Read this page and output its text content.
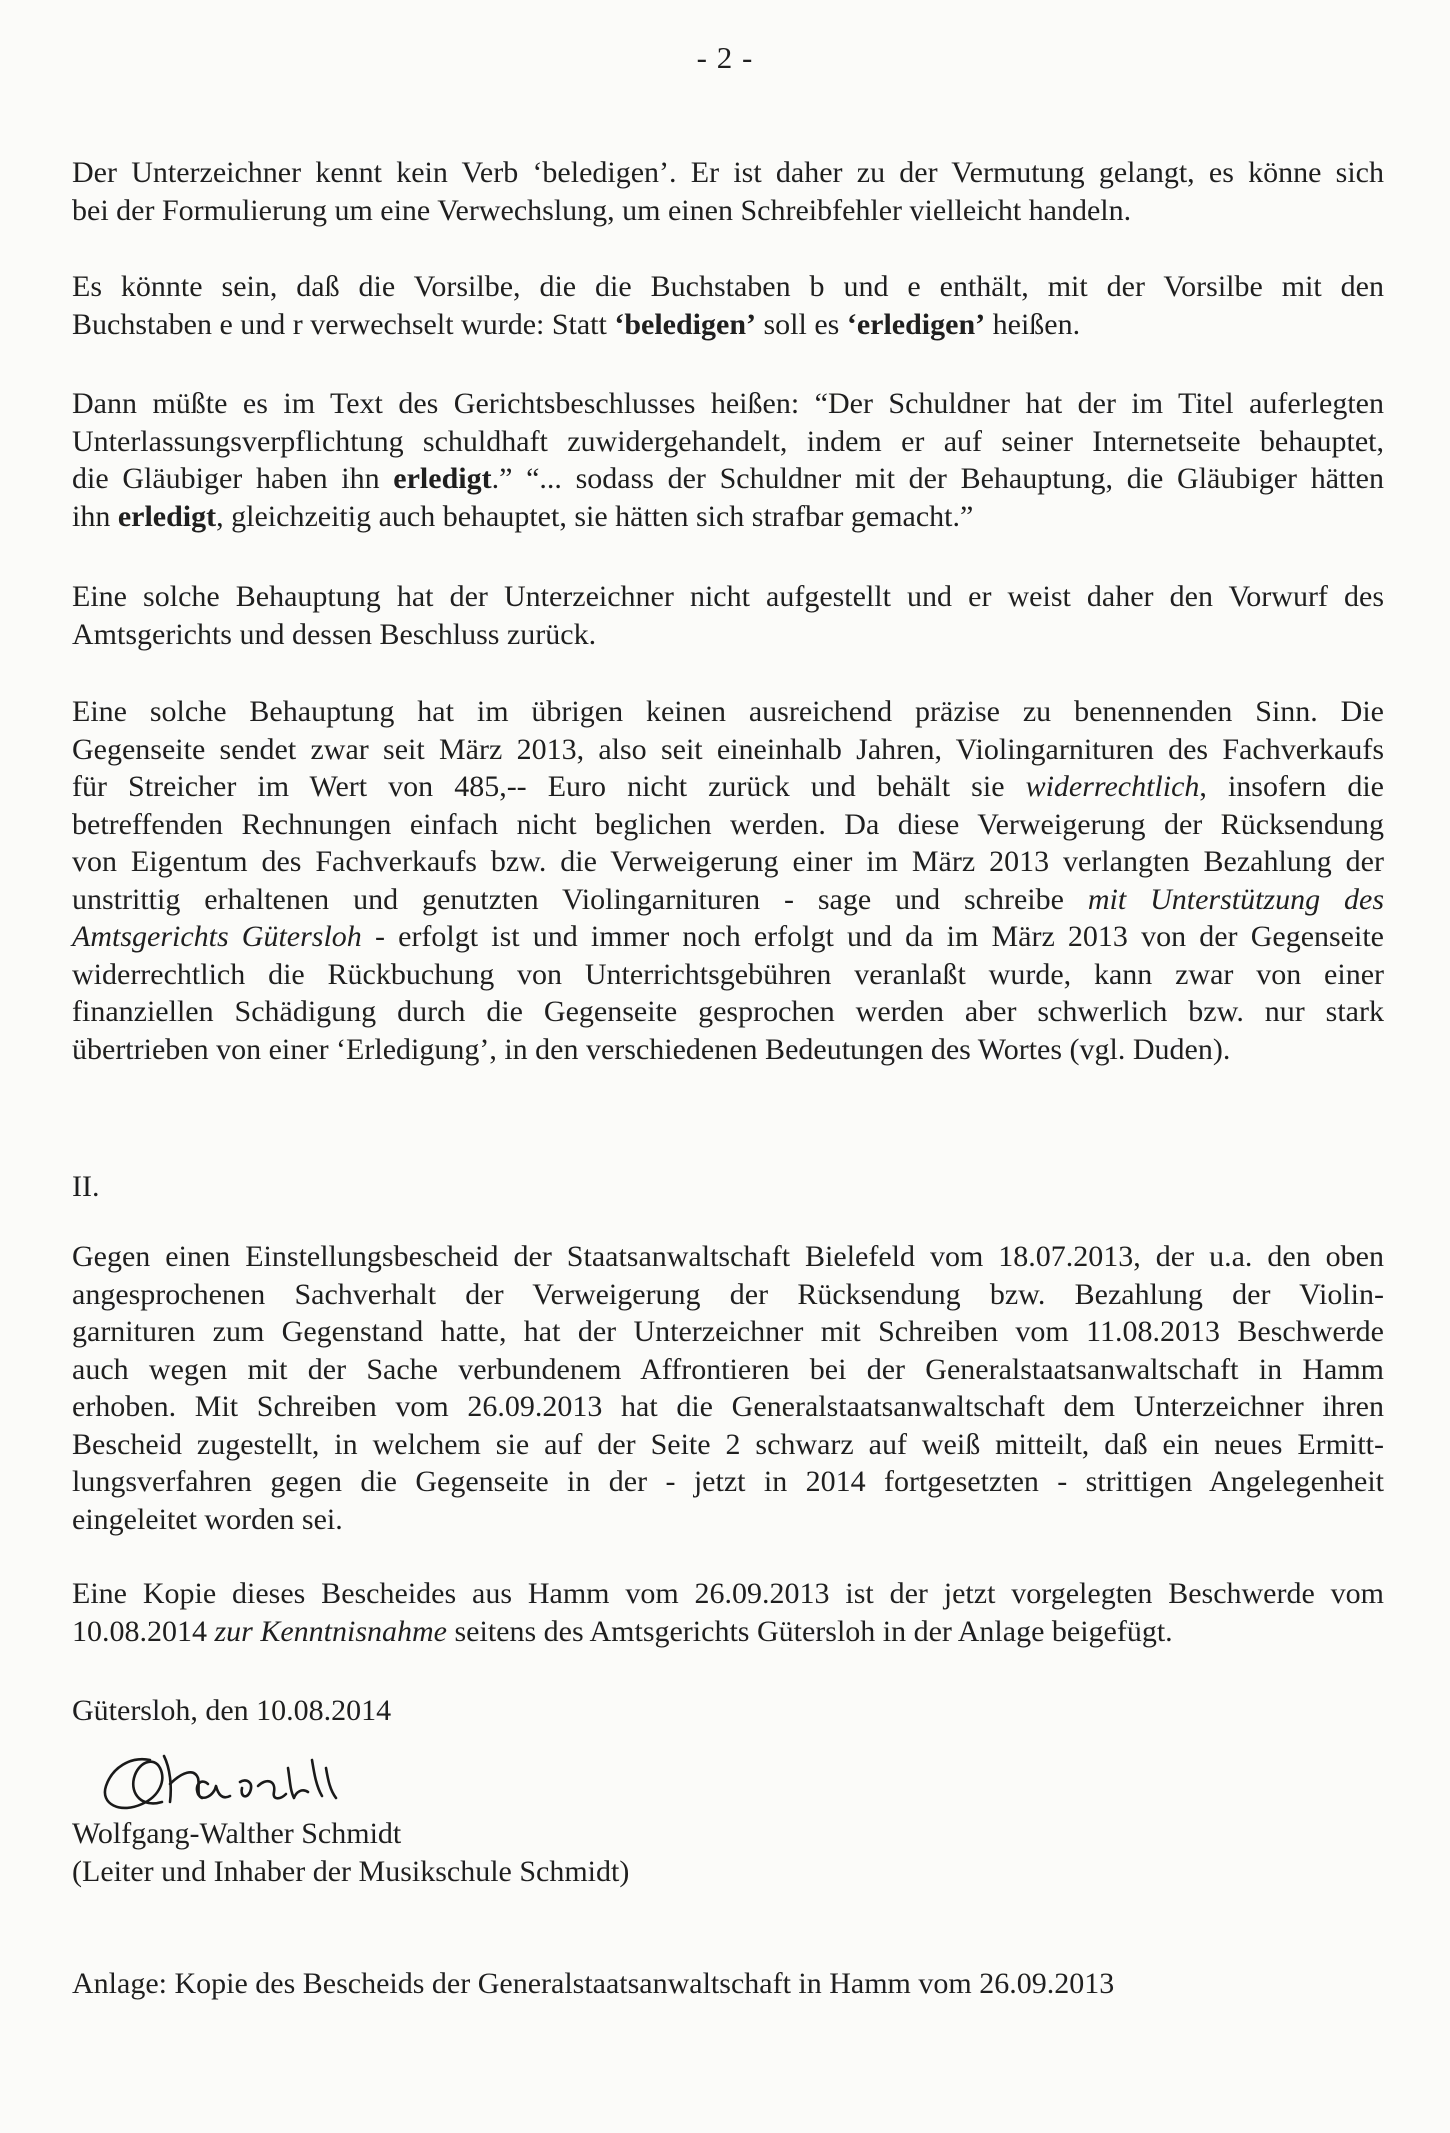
- 2 -
Der Unterzeichner kennt kein Verb ‘beledigen’. Er ist daher zu der Vermutung gelangt, es könne sich
bei der Formulierung um eine Verwechslung, um einen Schreibfehler vielleicht handeln.
Es könnte sein, daß die Vorsilbe, die die Buchstaben b und e enthält, mit der Vorsilbe mit den
Buchstaben e und r verwechselt wurde: Statt ‘beledigen’ soll es ‘erledigen’ heißen.
Dann müßte es im Text des Gerichtsbeschlusses heißen: “Der Schuldner hat der im Titel auferlegten
Unterlassungsverpflichtung schuldhaft zuwidergehandelt, indem er auf seiner Internetseite behauptet,
die Gläubiger haben ihn erledigt.” “... sodass der Schuldner mit der Behauptung, die Gläubiger hätten
ihn erledigt, gleichzeitig auch behauptet, sie hätten sich strafbar gemacht.”
Eine solche Behauptung hat der Unterzeichner nicht aufgestellt und er weist daher den Vorwurf des
Amtsgerichts und dessen Beschluss zurück.
Eine solche Behauptung hat im übrigen keinen ausreichend präzise zu benennenden Sinn. Die
Gegenseite sendet zwar seit März 2013, also seit eineinhalb Jahren, Violingarnituren des Fachverkaufs
für Streicher im Wert von 485,-- Euro nicht zurück und behält sie widerrechtlich, insofern die
betreffenden Rechnungen einfach nicht beglichen werden. Da diese Verweigerung der Rücksendung
von Eigentum des Fachverkaufs bzw. die Verweigerung einer im März 2013 verlangten Bezahlung der
unstrittig erhaltenen und genutzten Violingarnituren - sage und schreibe mit Unterstützung des
Amtsgerichts Gütersloh - erfolgt ist und immer noch erfolgt und da im März 2013 von der Gegenseite
widerrechtlich die Rückbuchung von Unterrichtsgebühren veranlaßt wurde, kann zwar von einer
finanziellen Schädigung durch die Gegenseite gesprochen werden aber schwerlich bzw. nur stark
übertrieben von einer ‘Erledigung’, in den verschiedenen Bedeutungen des Wortes (vgl. Duden).
II.
Gegen einen Einstellungsbescheid der Staatsanwaltschaft Bielefeld vom 18.07.2013, der u.a. den oben
angesprochenen Sachverhalt der Verweigerung der Rücksendung bzw. Bezahlung der Violin-
garnituren zum Gegenstand hatte, hat der Unterzeichner mit Schreiben vom 11.08.2013 Beschwerde
auch wegen mit der Sache verbundenem Affrontieren bei der Generalstaatsanwaltschaft in Hamm
erhoben. Mit Schreiben vom 26.09.2013 hat die Generalstaatsanwaltschaft dem Unterzeichner ihren
Bescheid zugestellt, in welchem sie auf der Seite 2 schwarz auf weiß mitteilt, daß ein neues Ermitt-
lungsverfahren gegen die Gegenseite in der - jetzt in 2014 fortgesetzten - strittigen Angelegenheit
eingeleitet worden sei.
Eine Kopie dieses Bescheides aus Hamm vom 26.09.2013 ist der jetzt vorgelegten Beschwerde vom
10.08.2014 zur Kenntnisnahme seitens des Amtsgerichts Gütersloh in der Anlage beigefügt.
Gütersloh, den 10.08.2014
Wolfgang-Walther Schmidt
(Leiter und Inhaber der Musikschule Schmidt)
Anlage: Kopie des Bescheids der Generalstaatsanwaltschaft in Hamm vom 26.09.2013
